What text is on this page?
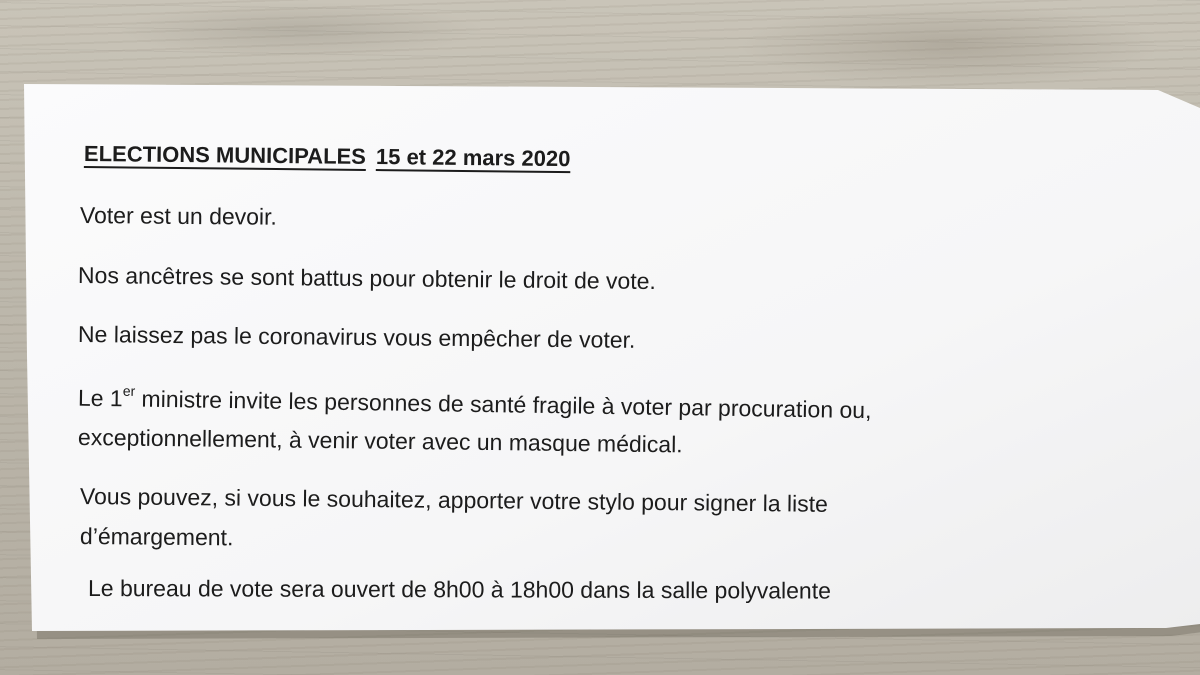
ELECTIONS MUNICIPALES 15 et 22 mars 2020

Voter est un devoir.

Nos ancêtres se sont battus pour obtenir le droit de vote.

Ne laissez pas le coronavirus vous empêcher de voter.

Le 1er ministre invite les personnes de santé fragile à voter par procuration ou,

exceptionnellement, à venir voter avec un masque médical.

Vous pouvez, si vous le souhaitez, apporter votre stylo pour signer la liste

d’émargement.

Le bureau de vote sera ouvert de 8h00 à 18h00 dans la salle polyvalente
